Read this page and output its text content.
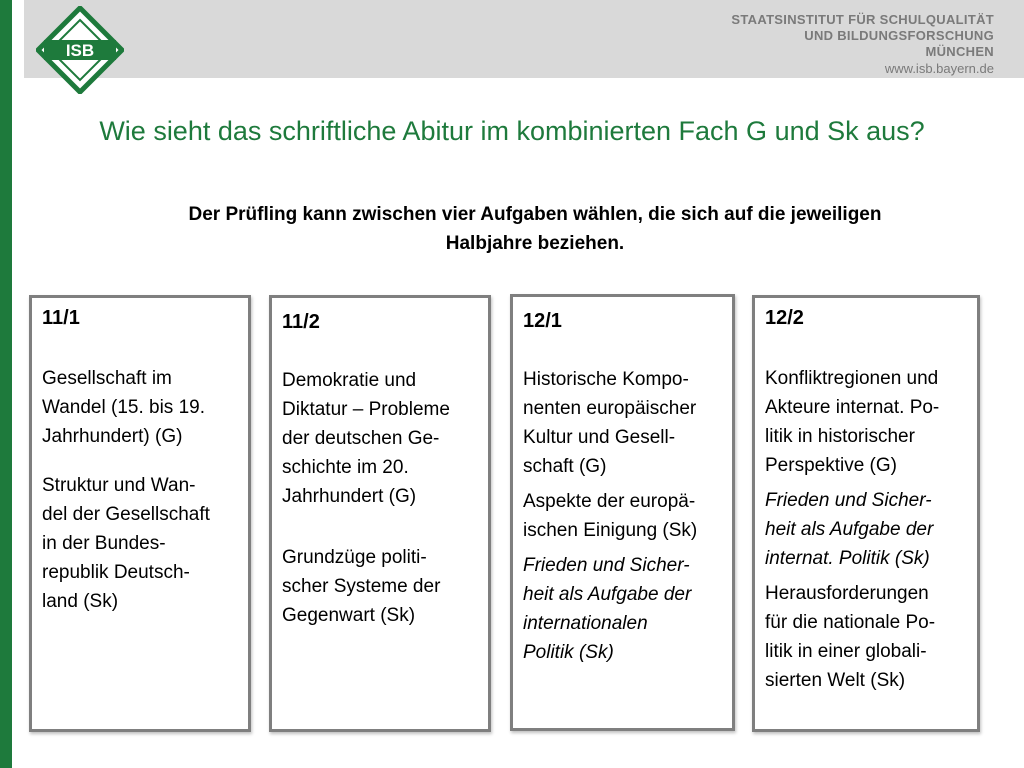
ISB
STAATSINSTITUT FÜR SCHULQUALITÄT
UND BILDUNGSFORSCHUNG
MÜNCHEN
www.isb.bayern.de
Wie sieht das schriftliche Abitur im kombinierten Fach G und Sk aus?
Der Prüfling kann zwischen vier Aufgaben wählen, die sich auf die jeweiligen
Halbjahre beziehen.
11/1

Gesellschaft im
Wandel (15. bis 19.
Jahrhundert) (G)

Struktur und Wan-
del der Gesellschaft
in der Bundes-
republik Deutsch-
land (Sk)

11/2

Demokratie und
Diktatur – Probleme
der deutschen Ge-
schichte im 20.
Jahrhundert (G)

Grundzüge politi-
scher Systeme der
Gegenwart (Sk)

12/1

Historische Kompo-
nenten europäischer
Kultur und Gesell-
schaft (G)

Aspekte der europä-
ischen Einigung (Sk)

Frieden und Sicher-
heit als Aufgabe der
internationalen
Politik (Sk)

12/2

Konfliktregionen und
Akteure internat. Po-
litik in historischer
Perspektive (G)

Frieden und Sicher-
heit als Aufgabe der
internat. Politik (Sk)

Herausforderungen
für die nationale Po-
litik in einer globali-
sierten Welt (Sk)
